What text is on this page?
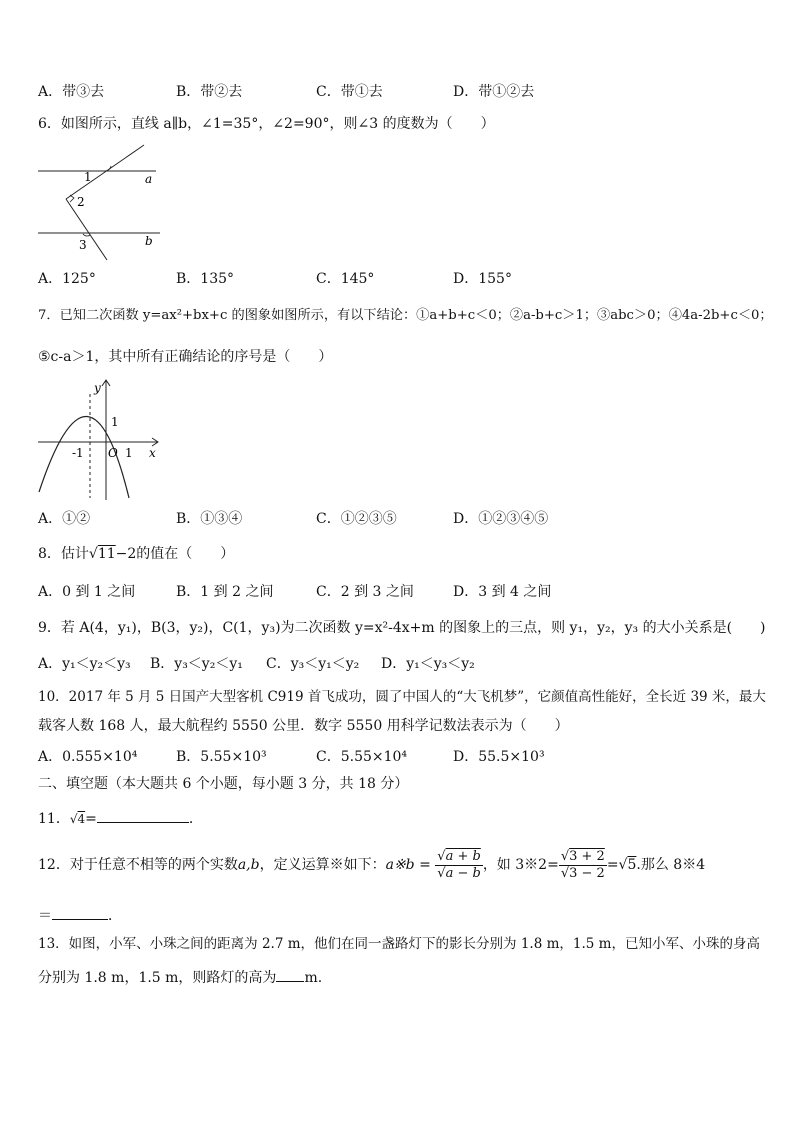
A．带③去	B．带②去	C．带①去	D．带①②去
6．如图所示，直线 a∥b，∠1=35°，∠2=90°，则∠3 的度数为（　　）
1
2
3
a
b
A．125°	B．135°	C．145°	D．155°
7．已知二次函数 y=ax²+bx+c 的图象如图所示，有以下结论：①a+b+c＜0；②a-b+c＞1；③abc＞0；④4a-2b+c＜0；
⑤c-a＞1，其中所有正确结论的序号是（　　）
y
x
O
1
-1	1
A．①②	B．①③④	C．①②③⑤	D．①②③④⑤
8．估计√11−2的值在（　　）
A．0 到 1 之间	B．1 到 2 之间	C．2 到 3 之间	D．3 到 4 之间
9．若 A(4，y₁)，B(3，y₂)，C(1，y₃)为二次函数 y=x²-4x+m 的图象上的三点，则 y₁，y₂，y₃ 的大小关系是(　　)
A．y₁＜y₂＜y₃ B．y₃＜y₂＜y₁ C．y₃＜y₁＜y₂ D．y₁＜y₃＜y₂
10．2017 年 5 月 5 日国产大型客机 C919 首飞成功，圆了中国人的“大飞机梦”，它颜值高性能好，全长近 39 米，最大
载客人数 168 人，最大航程约 5550 公里．数字 5550 用科学记数法表示为（　　）
A．0.555×10⁴	B．5.55×10³	C．5.55×10⁴	D．55.5×10³
二、填空题（本大题共 6 个小题，每小题 3 分，共 18 分）
11．√4=	．
12．对于任意不相等的两个实数a,b，定义运算※如下：a※b = $\frac{√a + b}{√a - b}$ ，如 3※2= $\frac{√3 + 2}{√3 - 2} =√5$.那么 8※4
＝	．
13．如图，小军、小珠之间的距离为 2.7 m，他们在同一盏路灯下的影长分别为 1.8 m，1.5 m，已知小军、小珠的身高
分别为 1.8 m，1.5 m，则路灯的高为 m.
